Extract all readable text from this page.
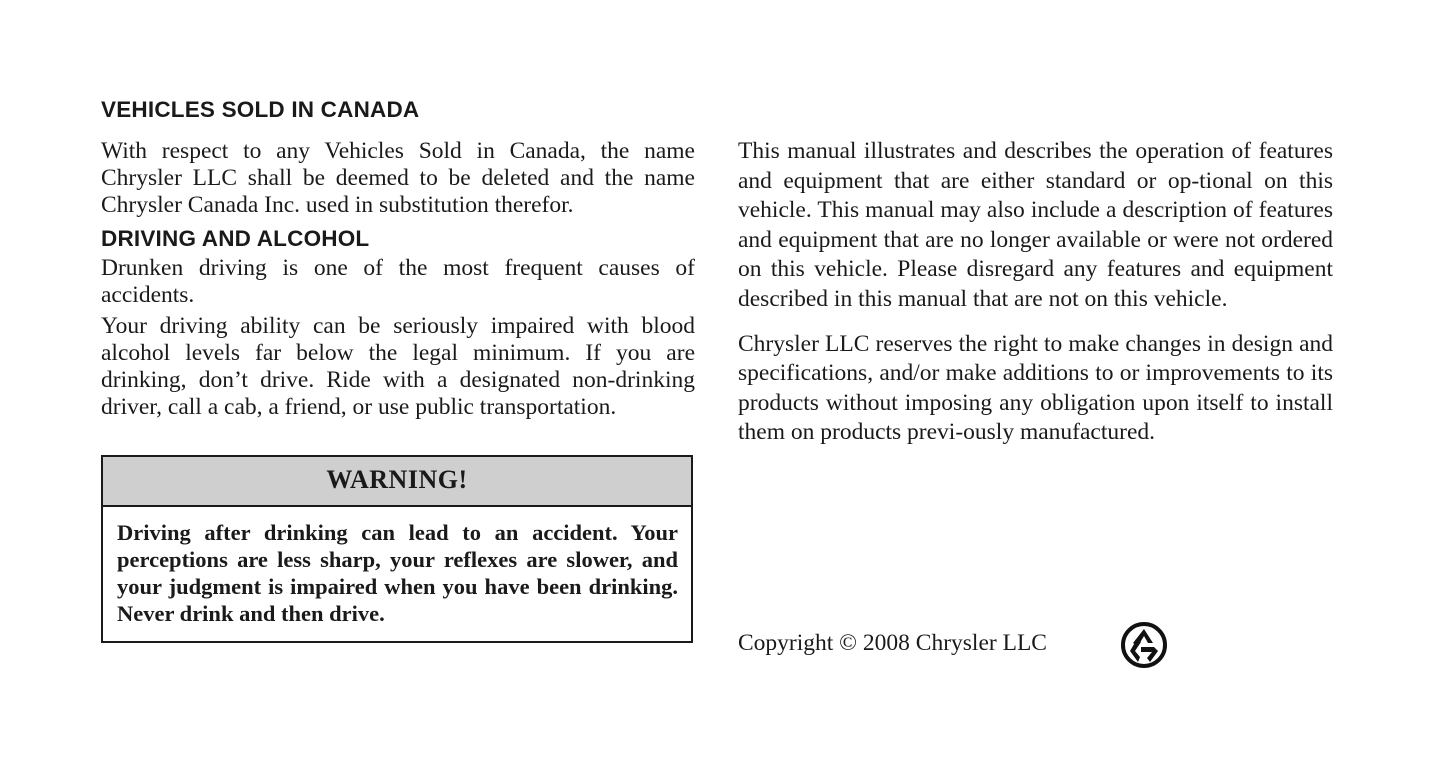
VEHICLES SOLD IN CANADA

With respect to any Vehicles Sold in Canada, the name Chrysler LLC shall be deemed to be deleted and the name Chrysler Canada Inc. used in substitution therefor.

DRIVING AND ALCOHOL

Drunken driving is one of the most frequent causes of accidents.

Your driving ability can be seriously impaired with blood alcohol levels far below the legal minimum. If you are drinking, don’t drive. Ride with a designated non-drinking driver, call a cab, a friend, or use public transportation.

WARNING!
Driving after drinking can lead to an accident. Your perceptions are less sharp, your reflexes are slower, and your judgment is impaired when you have been drinking. Never drink and then drive.

This manual illustrates and describes the operation of features and equipment that are either standard or op-tional on this vehicle. This manual may also include a description of features and equipment that are no longer available or were not ordered on this vehicle. Please disregard any features and equipment described in this manual that are not on this vehicle.

Chrysler LLC reserves the right to make changes in design and specifications, and/or make additions to or improvements to its products without imposing any obligation upon itself to install them on products previ-ously manufactured.

Copyright © 2008 Chrysler LLC
